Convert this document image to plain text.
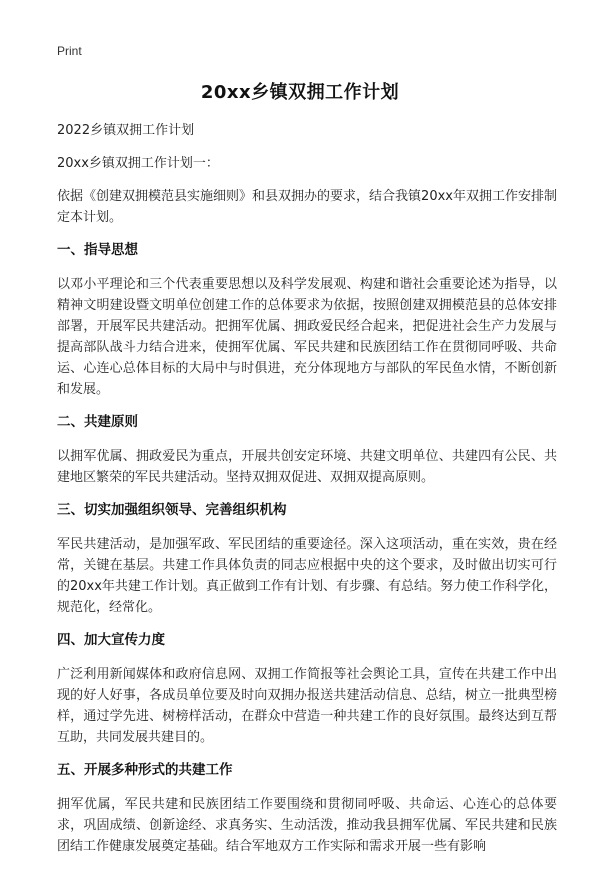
Print
20xx乡镇双拥工作计划

2022乡镇双拥工作计划

20xx乡镇双拥工作计划一：

依据《创建双拥模范县实施细则》和县双拥办的要求，结合我镇20xx年双拥工作安排制定本计划。

一、指导思想

以邓小平理论和三个代表重要思想以及科学发展观、构建和谐社会重要论述为指导，以精神文明建设暨文明单位创建工作的总体要求为依据，按照创建双拥模范县的总体安排部署，开展军民共建活动。把拥军优属、拥政爱民经合起来，把促进社会生产力发展与提高部队战斗力结合进来，使拥军优属、军民共建和民族团结工作在贯彻同呼吸、共命运、心连心总体目标的大局中与时俱进，充分体现地方与部队的军民鱼水情，不断创新和发展。

二、共建原则

以拥军优属、拥政爱民为重点，开展共创安定环境、共建文明单位、共建四有公民、共建地区繁荣的军民共建活动。坚持双拥双促进、双拥双提高原则。

三、切实加强组织领导、完善组织机构

军民共建活动，是加强军政、军民团结的重要途径。深入这项活动，重在实效，贵在经常，关键在基层。共建工作具体负责的同志应根据中央的这个要求，及时做出切实可行的20xx年共建工作计划。真正做到工作有计划、有步骤、有总结。努力使工作科学化，规范化，经常化。

四、加大宣传力度

广泛利用新闻媒体和政府信息网、双拥工作简报等社会舆论工具，宣传在共建工作中出现的好人好事，各成员单位要及时向双拥办报送共建活动信息、总结，树立一批典型榜样，通过学先进、树榜样活动，在群众中营造一种共建工作的良好氛围。最终达到互帮互助，共同发展共建目的。

五、开展多种形式的共建工作

拥军优属，军民共建和民族团结工作要围绕和贯彻同呼吸、共命运、心连心的总体要求，巩固成绩、创新途经、求真务实、生动活泼，推动我县拥军优属、军民共建和民族团结工作健康发展奠定基础。结合军地双方工作实际和需求开展一些有影响
